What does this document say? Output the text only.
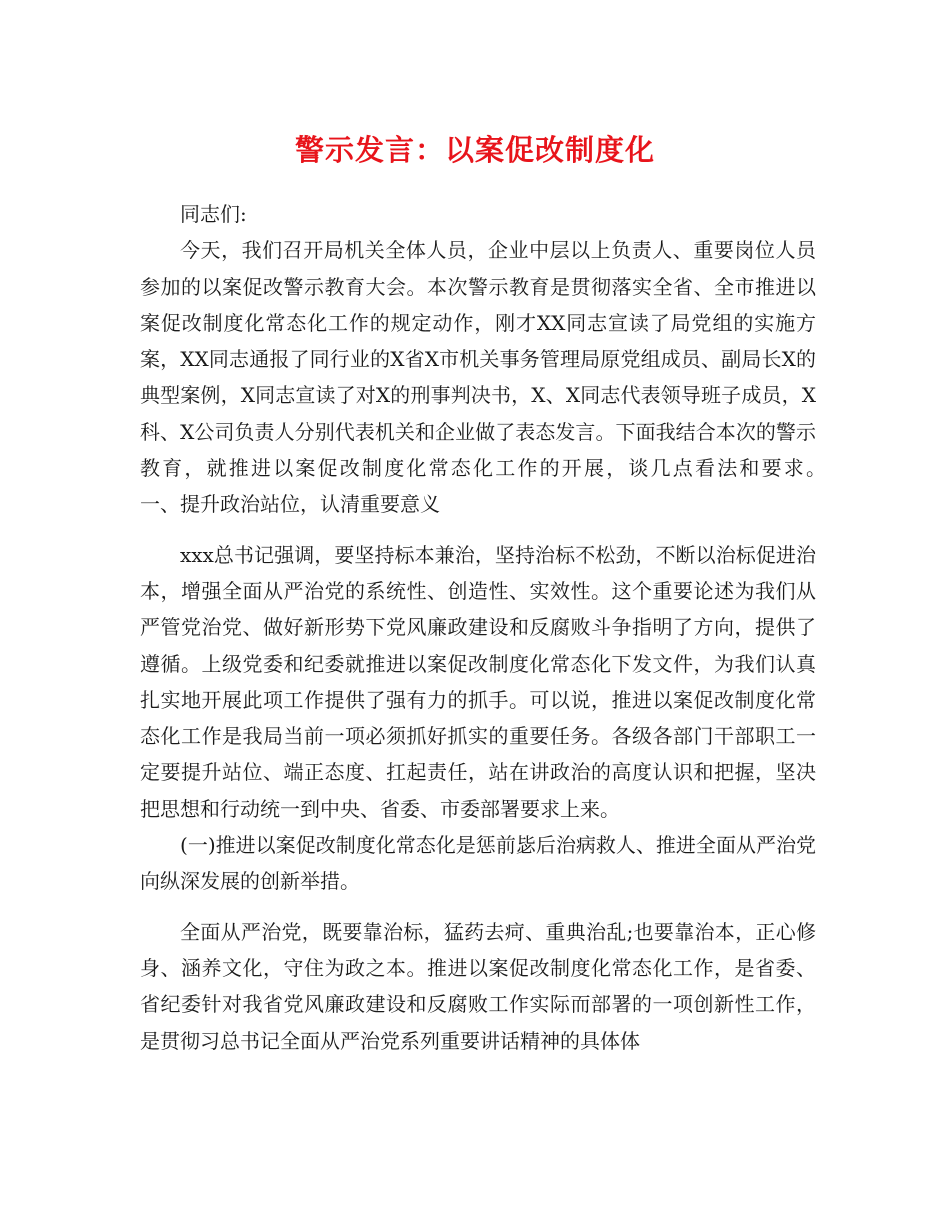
警示发言：以案促改制度化

同志们:

今天，我们召开局机关全体人员，企业中层以上负责人、重要岗位人员参加的以案促改警示教育大会。本次警示教育是贯彻落实全省、全市推进以案促改制度化常态化工作的规定动作，刚才XX同志宣读了局党组的实施方案，XX同志通报了同行业的X省X市机关事务管理局原党组成员、副局长X的典型案例，X同志宣读了对X的刑事判决书，X、X同志代表领导班子成员，X科、X公司负责人分别代表机关和企业做了表态发言。下面我结合本次的警示教育，就推进以案促改制度化常态化工作的开展，谈几点看法和要求。　　一、提升政治站位，认清重要意义

xxx总书记强调，要坚持标本兼治，坚持治标不松劲，不断以治标促进治本，增强全面从严治党的系统性、创造性、实效性。这个重要论述为我们从严管党治党、做好新形势下党风廉政建设和反腐败斗争指明了方向，提供了遵循。上级党委和纪委就推进以案促改制度化常态化下发文件，为我们认真扎实地开展此项工作提供了强有力的抓手。可以说，推进以案促改制度化常态化工作是我局当前一项必须抓好抓实的重要任务。各级各部门干部职工一定要提升站位、端正态度、扛起责任，站在讲政治的高度认识和把握，坚决把思想和行动统一到中央、省委、市委部署要求上来。

(一)推进以案促改制度化常态化是惩前毖后治病救人、推进全面从严治党向纵深发展的创新举措。

全面从严治党，既要靠治标，猛药去疴、重典治乱;也要靠治本，正心修身、涵养文化，守住为政之本。推进以案促改制度化常态化工作，是省委、省纪委针对我省党风廉政建设和反腐败工作实际而部署的一项创新性工作，是贯彻习总书记全面从严治党系列重要讲话精神的具体体
